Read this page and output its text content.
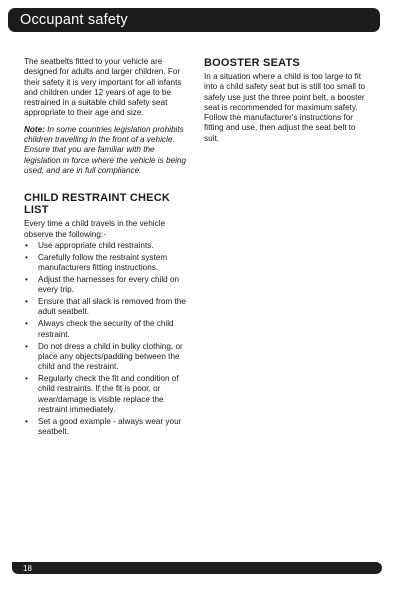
Occupant safety

The seatbelts fitted to your vehicle are designed for adults and larger children. For their safety it is very important for all infants and children under 12 years of age to be restrained in a suitable child safety seat appropriate to their age and size.

Note: In some countries legislation prohibits children travelling in the front of a vehicle. Ensure that you are familiar with the legislation in force where the vehicle is being used, and are in full compliance.

CHILD RESTRAINT CHECK LIST

Every time a child travels in the vehicle observe the following:-

• Use appropriate child restraints.
• Carefully follow the restraint system manufacturers fitting instructions.
• Adjust the harnesses for every child on every trip.
• Ensure that all slack is removed from the adult seatbelt.
• Always check the security of the child restraint.
• Do not dress a child in bulky clothing, or place any objects/padding between the child and the restraint.
• Regularly check the fit and condition of child restraints. If the fit is poor, or wear/damage is visible replace the restraint immediately.
• Set a good example - always wear your seatbelt.
BOOSTER SEATS

In a situation where a child is too large to fit into a child safety seat but is still too small to safely use just the three point belt, a booster seat is recommended for maximum safety. Follow the manufacturer's instructions for fitting and use, then adjust the seat belt to suit.

18
